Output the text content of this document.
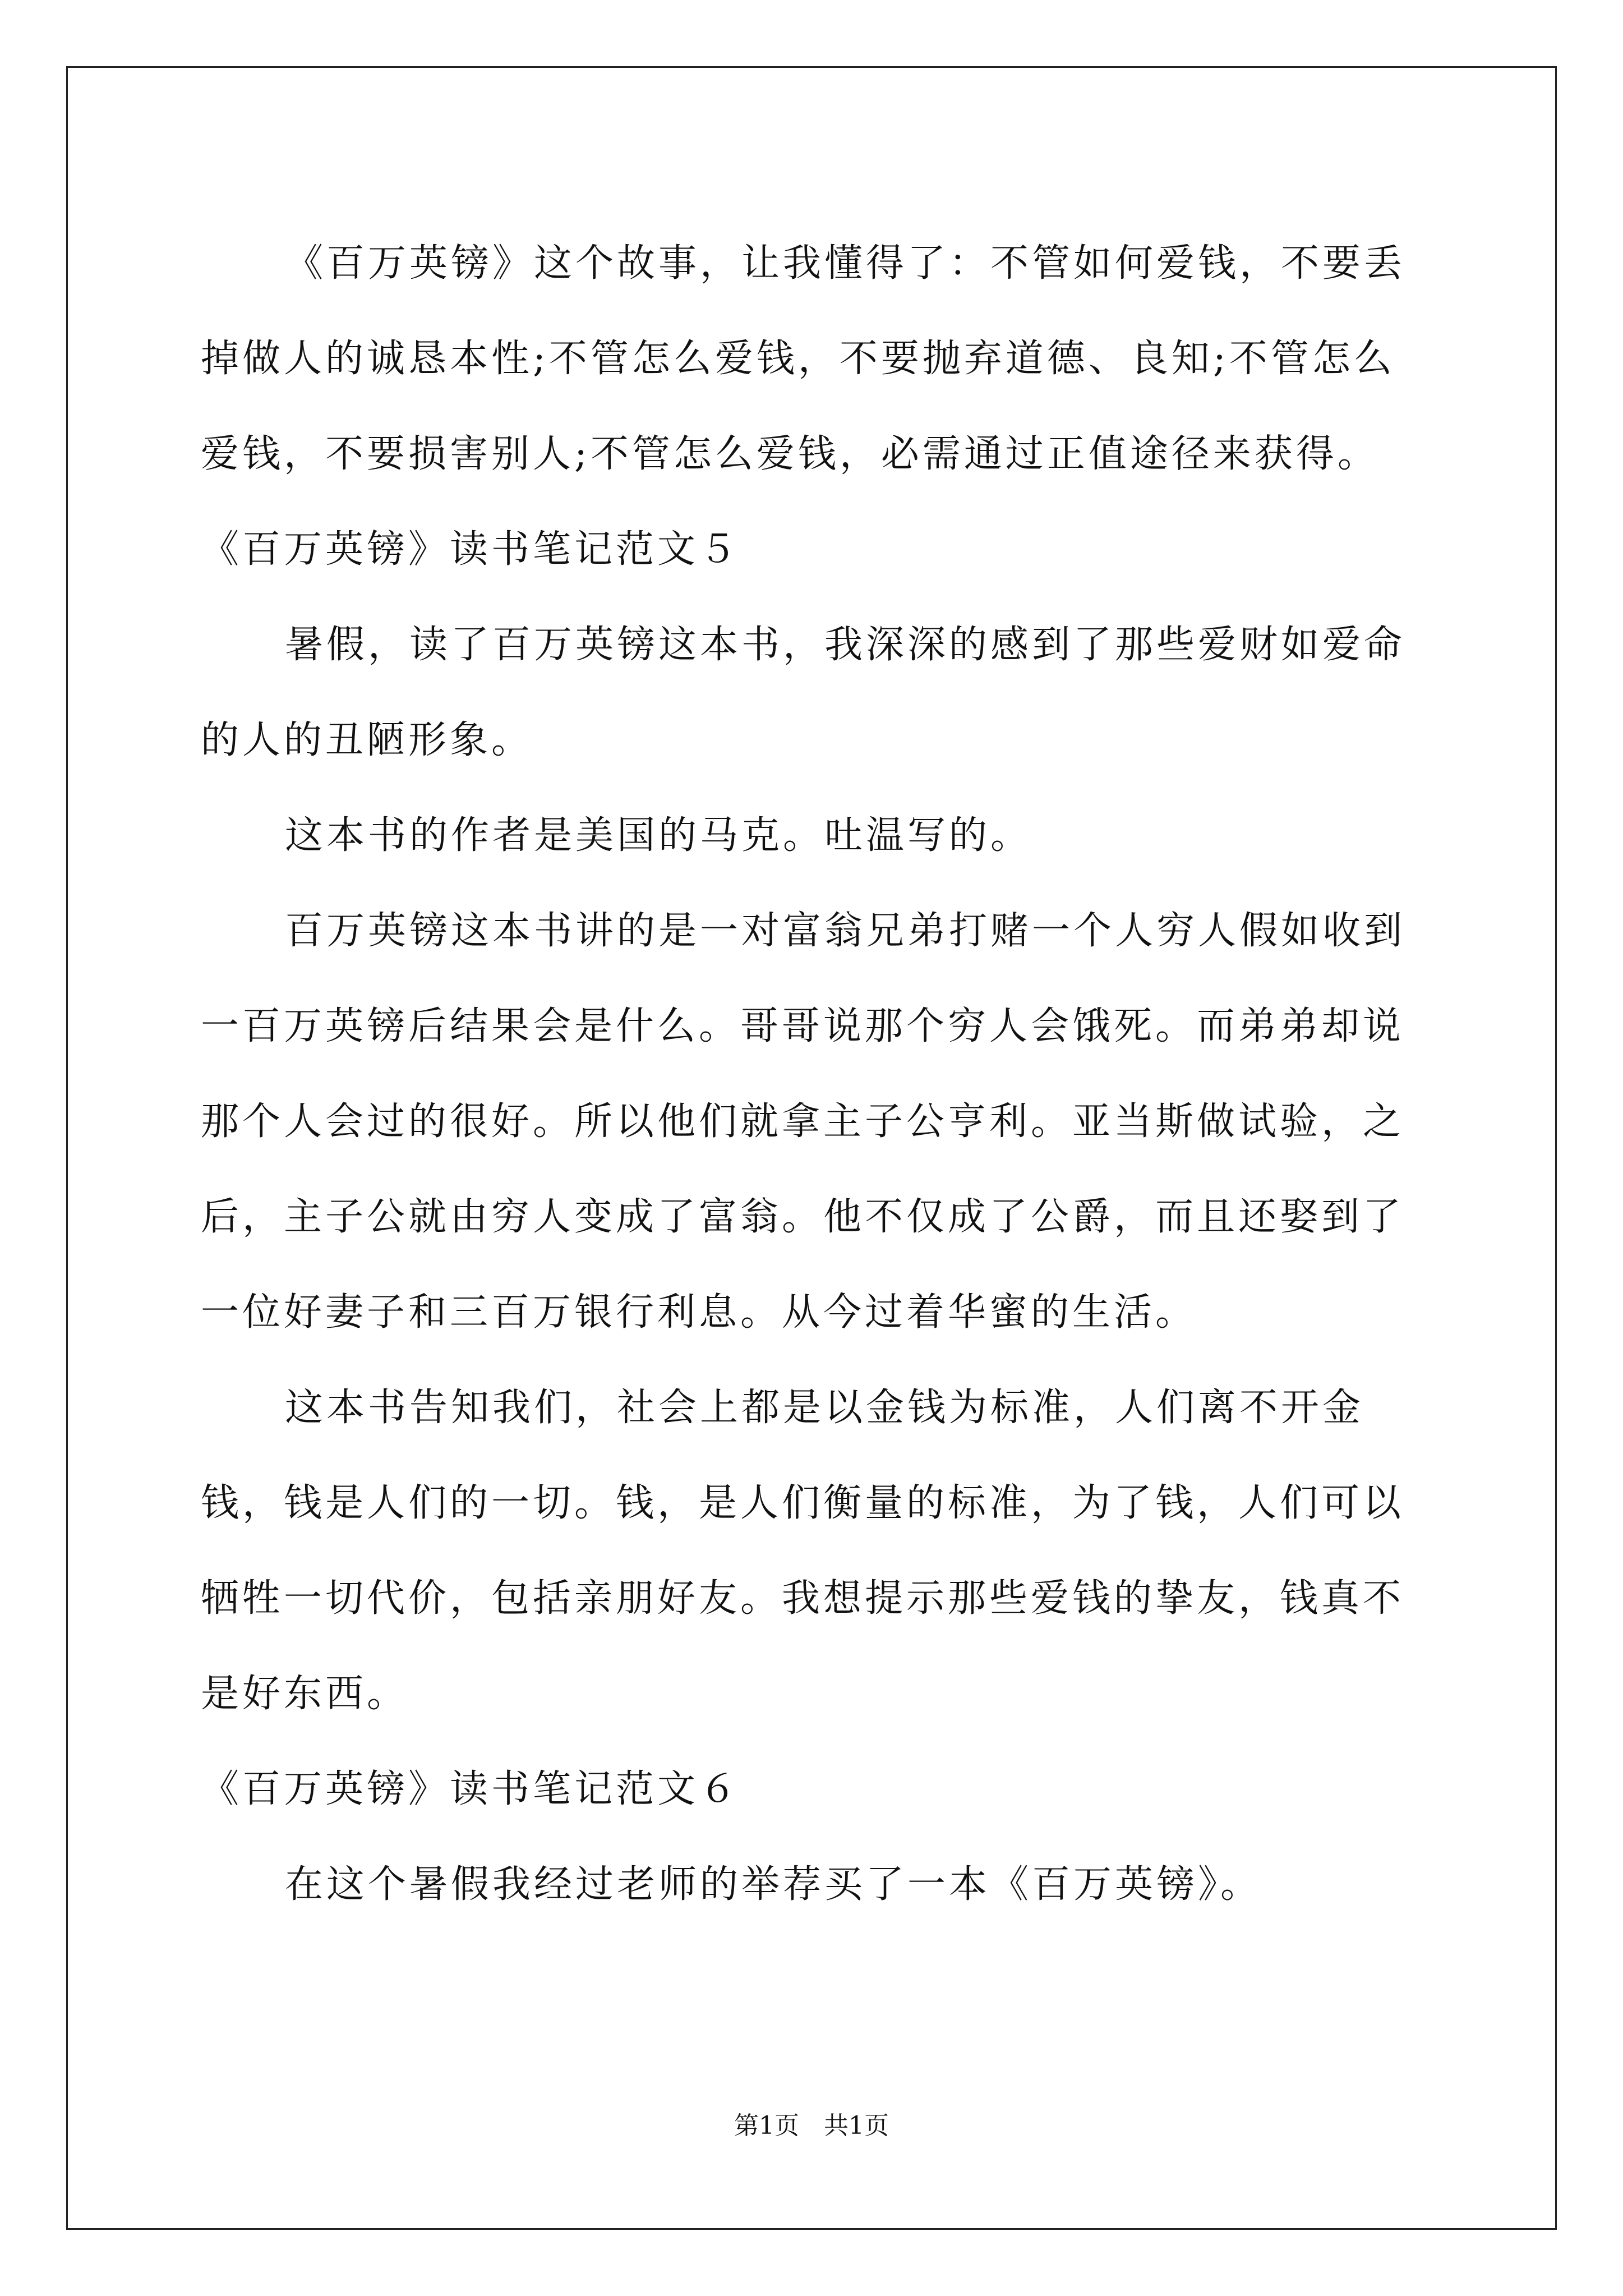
《百万英镑》这个故事，让我懂得了：不管如何爱钱，不要丢掉做人的诚恳本性;不管怎么爱钱，不要抛弃道德、良知;不管怎么爱钱，不要损害别人;不管怎么爱钱，必需通过正值途径来获得。

《百万英镑》读书笔记范文５

暑假，读了百万英镑这本书，我深深的感到了那些爱财如爱命的人的丑陋形象。

这本书的作者是美国的马克。吐温写的。

百万英镑这本书讲的是一对富翁兄弟打赌一个人穷人假如收到一百万英镑后结果会是什么。哥哥说那个穷人会饿死。而弟弟却说那个人会过的很好。所以他们就拿主子公亨利。亚当斯做试验，之后，主子公就由穷人变成了富翁。他不仅成了公爵，而且还娶到了一位好妻子和三百万银行利息。从今过着华蜜的生活。

这本书告知我们，社会上都是以金钱为标准，人们离不开金钱，钱是人们的一切。钱，是人们衡量的标准，为了钱，人们可以牺牲一切代价，包括亲朋好友。我想提示那些爱钱的挚友，钱真不是好东西。

《百万英镑》读书笔记范文６

在这个暑假我经过老师的举荐买了一本《百万英镑》。

第1页　共1页
